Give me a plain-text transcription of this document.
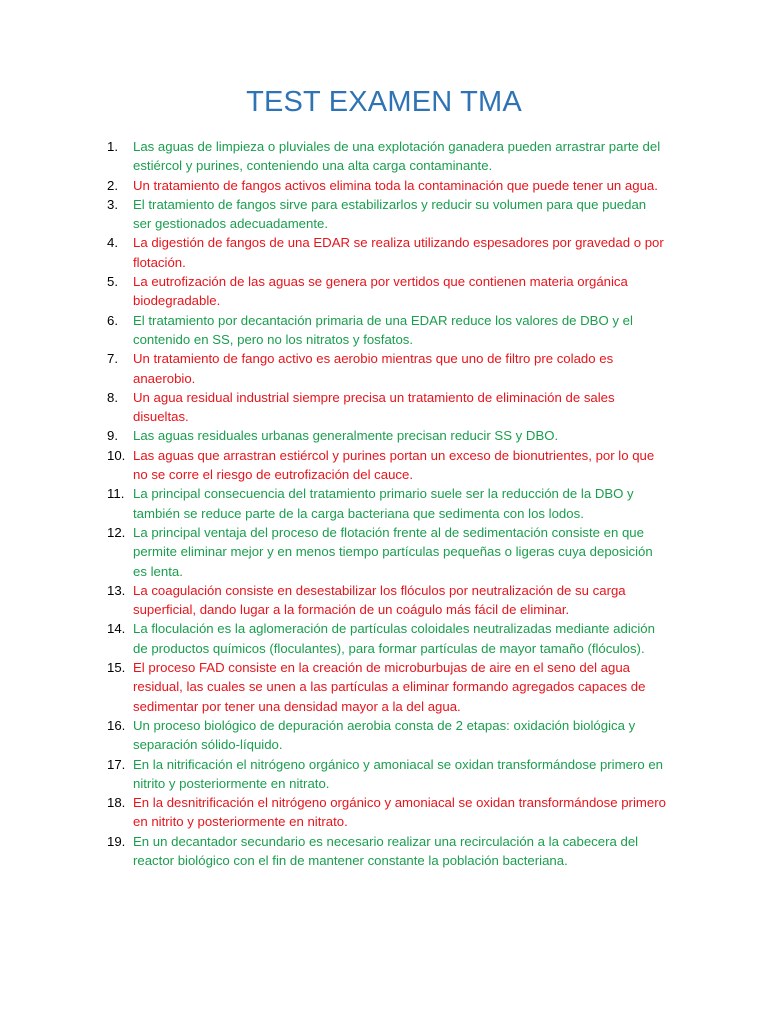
TEST EXAMEN TMA
1. Las aguas de limpieza o pluviales de una explotación ganadera pueden arrastrar parte del estiércol y purines, conteniendo una alta carga contaminante.
2. Un tratamiento de fangos activos elimina toda la contaminación que puede tener un agua.
3. El tratamiento de fangos sirve para estabilizarlos y reducir su volumen para que puedan ser gestionados adecuadamente.
4. La digestión de fangos de una EDAR se realiza utilizando espesadores por gravedad o por flotación.
5. La eutrofización de las aguas se genera por vertidos que contienen materia orgánica biodegradable.
6. El tratamiento por decantación primaria de una EDAR reduce los valores de DBO y el contenido en SS, pero no los nitratos y fosfatos.
7. Un tratamiento de fango activo es aerobio mientras que uno de filtro pre colado es anaerobio.
8. Un agua residual industrial siempre precisa un tratamiento de eliminación de sales disueltas.
9. Las aguas residuales urbanas generalmente precisan reducir SS y DBO.
10. Las aguas que arrastran estiércol y purines portan un exceso de bionutrientes, por lo que no se corre el riesgo de eutrofización del cauce.
11. La principal consecuencia del tratamiento primario suele ser la reducción de la DBO y también se reduce parte de la carga bacteriana que sedimenta con los lodos.
12. La principal ventaja del proceso de flotación frente al de sedimentación consiste en que permite eliminar mejor y en menos tiempo partículas pequeñas o ligeras cuya deposición es lenta.
13. La coagulación consiste en desestabilizar los flóculos por neutralización de su carga superficial, dando lugar a la formación de un coágulo más fácil de eliminar.
14. La floculación es la aglomeración de partículas coloidales neutralizadas mediante adición de productos químicos (floculantes), para formar partículas de mayor tamaño (flóculos).
15. El proceso FAD consiste en la creación de microburbujas de aire en el seno del agua residual, las cuales se unen a las partículas a eliminar formando agregados capaces de sedimentar por tener una densidad mayor a la del agua.
16. Un proceso biológico de depuración aerobia consta de 2 etapas: oxidación biológica y separación sólido-líquido.
17. En la nitrificación el nitrógeno orgánico y amoniacal se oxidan transformándose primero en nitrito y posteriormente en nitrato.
18. En la desnitrificación el nitrógeno orgánico y amoniacal se oxidan transformándose primero en nitrito y posteriormente en nitrato.
19. En un decantador secundario es necesario realizar una recirculación a la cabecera del reactor biológico con el fin de mantener constante la población bacteriana.
